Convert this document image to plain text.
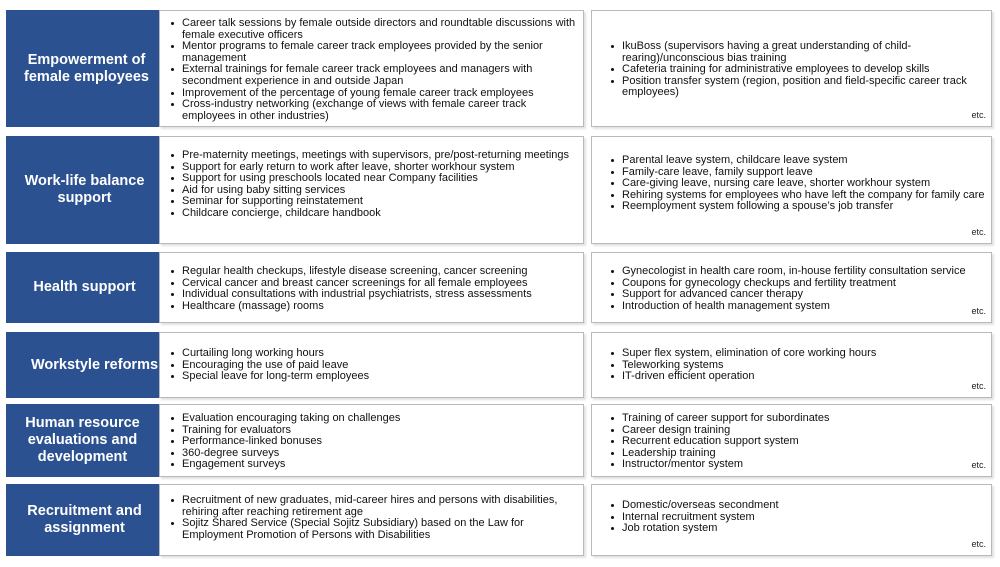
Empowerment of female employees
Career talk sessions by female outside directors and roundtable discussions with female executive officers
Mentor programs to female career track employees provided by the senior management
External trainings for female career track employees and managers with secondment experience in and outside Japan
Improvement of the percentage of young female career track employees
Cross-industry networking (exchange of views with female career track employees in other industries)
IkuBoss (supervisors having a great understanding of child-rearing)/unconscious bias training
Cafeteria training for administrative employees to develop skills
Position transfer system (region, position and field-specific career track employees)
etc.
Work-life balance support
Pre-maternity meetings, meetings with supervisors, pre/post-returning meetings
Support for early return to work after leave, shorter workhour system
Support for using preschools located near Company facilities
Aid for using baby sitting services
Seminar for supporting reinstatement
Childcare concierge, childcare handbook
Parental leave system, childcare leave system
Family-care leave, family support leave
Care-giving leave, nursing care leave, shorter workhour system
Rehiring systems for employees who have left the company for family care
Reemployment system following a spouse’s job transfer
etc.
Health support
Regular health checkups, lifestyle disease screening, cancer screening
Cervical cancer and breast cancer screenings for all female employees
Individual consultations with industrial psychiatrists, stress assessments
Healthcare (massage) rooms
Gynecologist in health care room, in-house fertility consultation service
Coupons for gynecology checkups and fertility treatment
Support for advanced cancer therapy
Introduction of health management system	etc.
Workstyle reforms
Curtailing long working hours
Encouraging the use of paid leave
Special leave for long-term employees
Super flex system, elimination of core working hours
Teleworking systems
IT-driven efficient operation
etc.
Human resource evaluations and development
Evaluation encouraging taking on challenges
Training for evaluators
Performance-linked bonuses
360-degree surveys
Engagement surveys
Training of career support for subordinates
Career design training
Recurrent education support system
Leadership training
Instructor/mentor system	etc.
Recruitment and assignment
Recruitment of new graduates, mid-career hires and persons with disabilities, rehiring after reaching retirement age
Sojitz Shared Service (Special Sojitz Subsidiary) based on the Law for Employment Promotion of Persons with Disabilities
Domestic/overseas secondment
Internal recruitment system
Job rotation system
etc.
